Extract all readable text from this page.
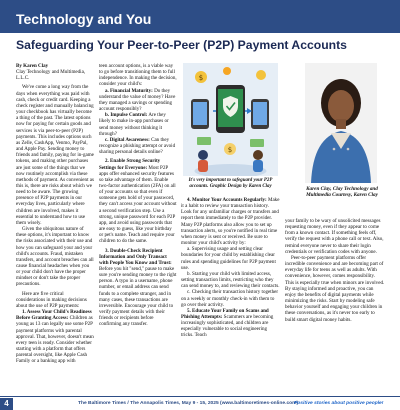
Technology and You
Safeguarding Your Peer-to-Peer (P2P) Payment Accounts

By Karen Clay

Clay Technology and Multimedia, L.L.C.

We've come a long way from the days when everything was paid with cash, check or credit card. Keeping a check register and manually balancing your checkbook has virtually become a thing of the past. The latest options now for paying for certain goods and services is via peer-to-peer (P2P) payments. This includes options such as Zelle, CashApp, Venmo, PayPal, and Apple Pay. Sending money to friends and family, paying for in-game tokens, and making other purchases are just some of the things that we now routinely accomplish via these methods of payment. As convenient as this is, there are risks about which we need to be aware. The growing presence of P2P payments in our everyday lives, particularly where children are involved, makes it essential to understand how to use them wisely.

Given the ubiquitous nature of these options, it's important to know the risks associated with their use and how you can safeguard your and your child's accounts. Fraud, mistaken transfers, and account breaches can all cause financial headaches when you or your child don't have the proper mindset or don't take the proper precautions.

Here are five critical considerations in making decisions about the use of P2P payments:

1. Assess Your Child's Readiness Before Granting Access: Children as young as 13 can legally use some P2P payment platforms with parental approval. That, however, doesn't mean every teen is ready. Consider whether starting with a platform that offers parental oversight, like Apple Cash Family or a banking app with

teen account options, is a viable way to go before transitioning them to full independence. In making the decision, consider your child's:

a. Financial Maturity: Do they understand the value of money? Have they managed a savings or spending account responsibly?

b. Impulse Control: Are they likely to make in-app purchases or send money without thinking it through?

c. Digital Awareness: Can they recognize a phishing attempt or avoid sharing personal details online?

2. Enable Strong Security Settings for Everyone: Most P2P apps offer enhanced security features so take advantage of them. Enable two-factor authentication (2FA) on all of your accounts so that even if someone gets hold of your password, they can't access your account without a second verification step. Use a strong, unique password for each P2P app, and avoid using passwords that are easy to guess, like your birthday or pet's name. Teach and require your children to do the same.

3. Double-Check Recipient Information and Only Transact with People You Know and Trust: Before you hit "send," pause to make sure you're sending money to the right person. A typo in a username, phone number, or email address can send funds to a complete stranger, and in many cases, these transactions are irreversible. Encourage your child to verify payment details with their friends or recipients before confirming any transfer.

$
$
It's very important to safeguard your P2P accounts. Graphic Design by Karen Clay	Karen Clay, Clay Technology and Multimedia Courtesy, Karen Clay

4. Monitor Your Accounts Regularly: Make it a habit to review your transaction history. Look for any unfamiliar charges or transfers and report them immediately to the P2P provider. Many P2P platforms also allow you to set up transaction alerts, so you're notified in real time when money is sent or received. Be sure to monitor your child's activity by:

a. Supervising usage and setting clear boundaries for your child by establishing clear rules and spending guidelines for P2P payment use.

b. Starting your child with limited access, setting transaction limits, restricting who they can send money to, and reviewing their contacts.

c. Checking their transaction history together on a weekly or monthly check-in with them to go over their activity.

5. Educate Your Family on Scams and Phishing Attempts: Scammers are becoming increasingly sophisticated, and children are especially vulnerable to social engineering tricks. Teach

your family to be wary of unsolicited messages requesting money, even if they appear to come from a known contact. If something feels off, verify the request with a phone call or text. Also, remind everyone never to share their login credentials or verification codes with anyone.

Peer-to-peer payment platforms offer incredible convenience and are becoming part of everyday life for teens as well as adults. With convenience, however, comes responsibility. This is especially true when minors are involved. By staying informed and proactive, you can enjoy the benefits of digital payments while minimizing the risks. Start by modeling safe behavior yourself and engaging your children in these conversations, as it's never too early to build smart digital money habits.

4	The Baltimore Times / The Annapolis Times, May 9 - 15, 2025 (www.baltimoretimes-online.com)
Positive stories about positive people!
